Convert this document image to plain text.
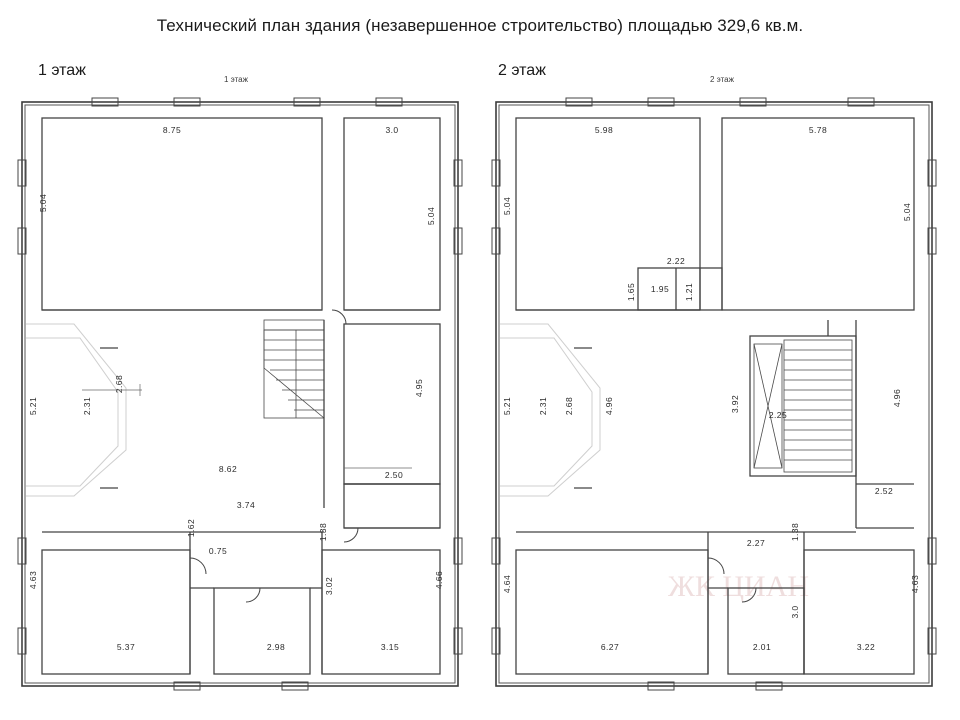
Технический план здания (незавершенное строительство) площадью 329,6 кв.м.
1 этаж	2 этаж
1 этаж
8.75	3.0
5.04
5.04
5.21	2.31
2.68	4.95
8.62
2.50
3.74
1.62
0.75
1.38
3.02
4.63	4.66
5.37	2.98	3.15
2 этаж
ЖК ЦИАН
5.98	5.78
5.04	5.04
2.22
1.65 1.95 1.21
5.21	2.31 2.68	4.96	2.25
3.92	4.96
2.52
4.64	4.63
2.27
1.38
3.0
6.27	2.01	3.22
